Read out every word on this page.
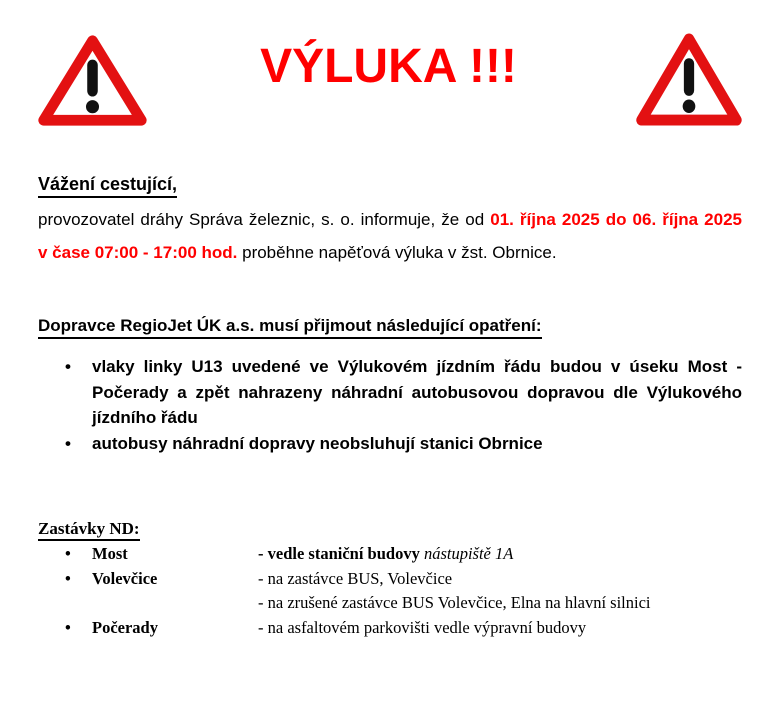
VÝLUKA !!!
Vážení cestující,
provozovatel dráhy Správa železnic, s. o. informuje, že od 01. října 2025 do 06. října 2025
v čase 07:00 - 17:00 hod. proběhne napěťová výluka v žst. Obrnice.
Dopravce RegioJet ÚK a.s. musí přijmout následující opatření:
•	vlaky linky U13 uvedené ve Výlukovém jízdním řádu budou v úseku Most -
Počerady a zpět nahrazeny náhradní autobusovou dopravou dle Výlukového
jízdního řádu
•	autobusy náhradní dopravy neobsluhují stanici Obrnice
Zastávky ND:
•	Most	- vedle staniční budovy nástupiště 1A
•	Volevčice	- na zastávce BUS, Volevčice
- na zrušené zastávce BUS Volevčice, Elna na hlavní silnici
•	Počerady	- na asfaltovém parkovišti vedle výpravní budovy
